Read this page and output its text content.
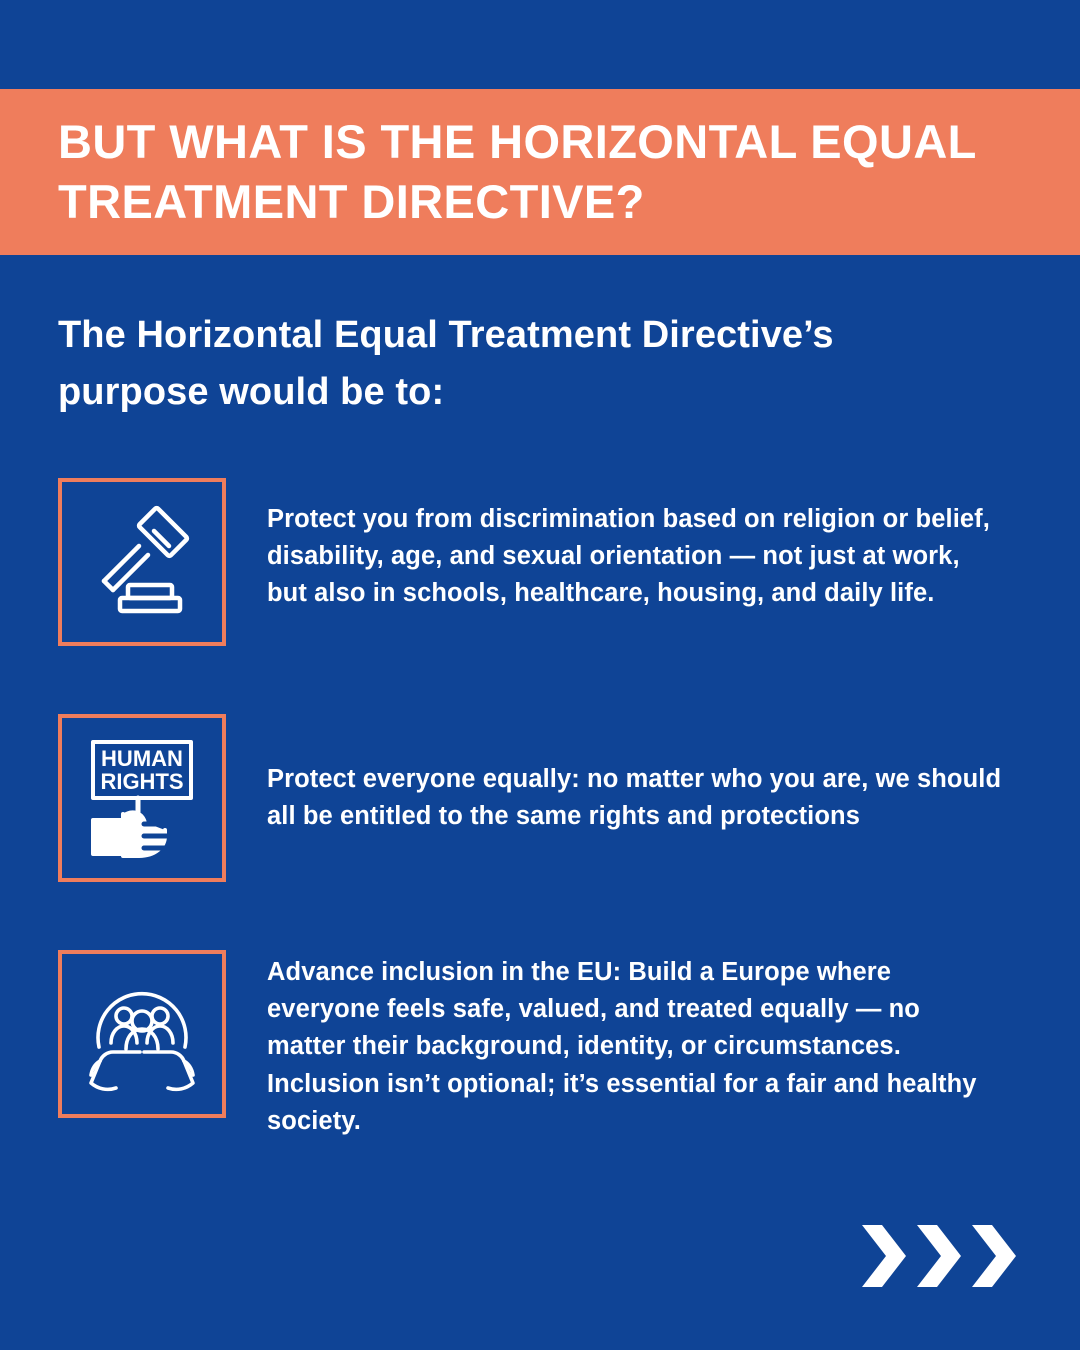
BUT WHAT IS THE HORIZONTAL EQUAL TREATMENT DIRECTIVE?
The Horizontal Equal Treatment Directive’s purpose would be to:

Protect you from discrimination based on religion or belief, disability, age, and sexual orientation — not just at work, but also in schools, healthcare, housing, and daily life.

HUMAN
RIGHTS	Protect everyone equally: no matter who you are, we should all be entitled to the same rights and protections

Advance inclusion in the EU: Build a Europe where everyone feels safe, valued, and treated equally — no matter their background, identity, or circumstances. Inclusion isn’t optional; it’s essential for a fair and healthy society.
